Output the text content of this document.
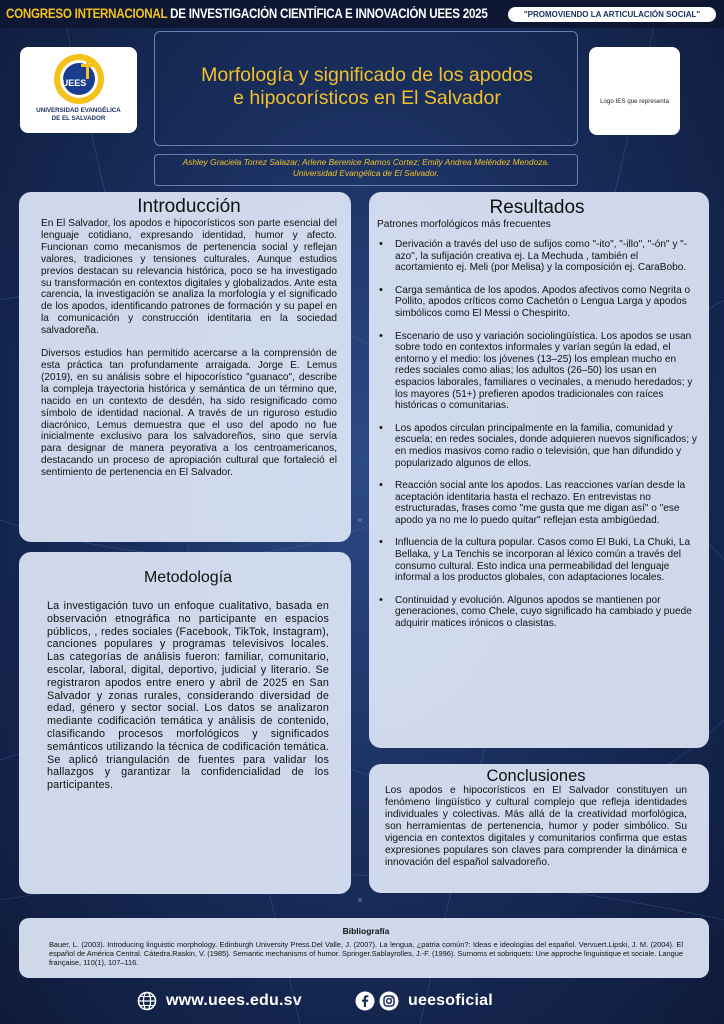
CONGRESO INTERNACIONAL DE INVESTIGACIÓN CIENTÍFICA E INNOVACIÓN UEES 2025	"PROMOVIENDO LA ARTICULACIÓN SOCIAL"
UEES
UNIVERSIDAD EVANGÉLICA
DE EL SALVADOR
Morfología y significado de los apodos
e hipocorísticos en El Salvador	Logo IES que representa
Ashley Graciela Torrez Salazar; Arlene Berenice Ramos Cortez; Emily Andrea Meléndez Mendoza. Universidad Evangélica de El Salvador.
Introducción

En El Salvador, los apodos e hipocorísticos son parte esencial del lenguaje cotidiano, expresando identidad, humor y afecto. Funcionan como mecanismos de pertenencia social y reflejan valores, tradiciones y tensiones culturales. Aunque estudios previos destacan su relevancia histórica, poco se ha investigado su transformación en contextos digitales y globalizados. Ante esta carencia, la investigación se analiza la morfología y el significado de los apodos, identificando patrones de formación y su papel en la comunicación y construcción identitaria en la sociedad salvadoreña.

Diversos estudios han permitido acercarse a la comprensión de esta práctica tan profundamente arraigada. Jorge E. Lemus (2019), en su análisis sobre el hipocorístico "guanaco", describe la compleja trayectoria histórica y semántica de un término que, nacido en un contexto de desdén, ha sido resignificado como símbolo de identidad nacional. A través de un riguroso estudio diacrónico, Lemus demuestra que el uso del apodo no fue inicialmente exclusivo para los salvadoreños, sino que servía para designar de manera peyorativa a los centroamericanos, destacando un proceso de apropiación cultural que fortaleció el sentimiento de pertenencia en El Salvador.

Metodología

La investigación tuvo un enfoque cualitativo, basada en observación etnográfica no participante en espacios públicos, , redes sociales (Facebook, TikTok, Instagram), canciones populares y programas televisivos locales. Las categorías de análisis fueron: familiar, comunitario, escolar, laboral, digital, deportivo, judicial y literario. Se registraron apodos entre enero y abril de 2025 en San Salvador y zonas rurales, considerando diversidad de edad, género y sector social. Los datos se analizaron mediante codificación temática y análisis de contenido, clasificando procesos morfológicos y significados semánticos utilizando la técnica de codificación temática. Se aplicó triangulación de fuentes para validar los hallazgos y garantizar la confidencialidad de los participantes.

Resultados
Patrones morfológicos más frecuentes
• Derivación a través del uso de sufijos como "-ito", "-illo", "-ón" y "-azo", la sufijación creativa ej. La Mechuda , también el acortamiento ej. Meli (por Melisa) y la composición ej. CaraBobo.
• Carga semántica de los apodos. Apodos afectivos como Negrita o Pollito, apodos críticos como Cachetón o Lengua Larga y apodos simbólicos como El Messi o Chespirito.
• Escenario de uso y variación sociolingüística. Los apodos se usan sobre todo en contextos informales y varían según la edad, el entorno y el medio: los jóvenes (13–25) los emplean mucho en redes sociales como alias; los adultos (26–50) los usan en espacios laborales, familiares o vecinales, a menudo heredados; y los mayores (51+) prefieren apodos tradicionales con raíces históricas o comunitarias.
• Los apodos circulan principalmente en la familia, comunidad y escuela; en redes sociales, donde adquieren nuevos significados; y en medios masivos como radio o televisión, que han difundido y popularizado algunos de ellos.
• Reacción social ante los apodos. Las reacciones varían desde la aceptación identitaria hasta el rechazo. En entrevistas no estructuradas, frases como "me gusta que me digan así" o "ese apodo ya no me lo puedo quitar" reflejan esta ambigüedad.
• Influencia de la cultura popular. Casos como El Buki, La Chuki, La Bellaka, y La Tenchis se incorporan al léxico común a través del consumo cultural. Esto indica una permeabilidad del lenguaje informal a los productos globales, con adaptaciones locales.
• Continuidad y evolución. Algunos apodos se mantienen por generaciones, como Chele, cuyo significado ha cambiado y puede adquirir matices irónicos o clasistas.
Conclusiones

Los apodos e hipocorísticos en El Salvador constituyen un fenómeno lingüístico y cultural complejo que refleja identidades individuales y colectivas. Más allá de la creatividad morfológica, son herramientas de pertenencia, humor y poder simbólico. Su vigencia en contextos digitales y comunitarios confirma que estas expresiones populares son claves para comprender la dinámica e innovación del español salvadoreño.

Bibliografía

Bauer, L. (2003). Introducing linguistic morphology. Edinburgh University Press.Del Valle, J. (2007). La lengua, ¿patria común?: Ideas e ideologías del español. Vervuert.Lipski, J. M. (2004). El español de América Central. Cátedra.Raskin, V. (1985). Semantic mechanisms of humor. Springer.Sablayrolles, J.-F. (1996). Surnoms et sobriquets: Une approche linguistique et sociale. Langue française, 110(1), 107–116.

www.uees.edu.sv	ueesoficial
